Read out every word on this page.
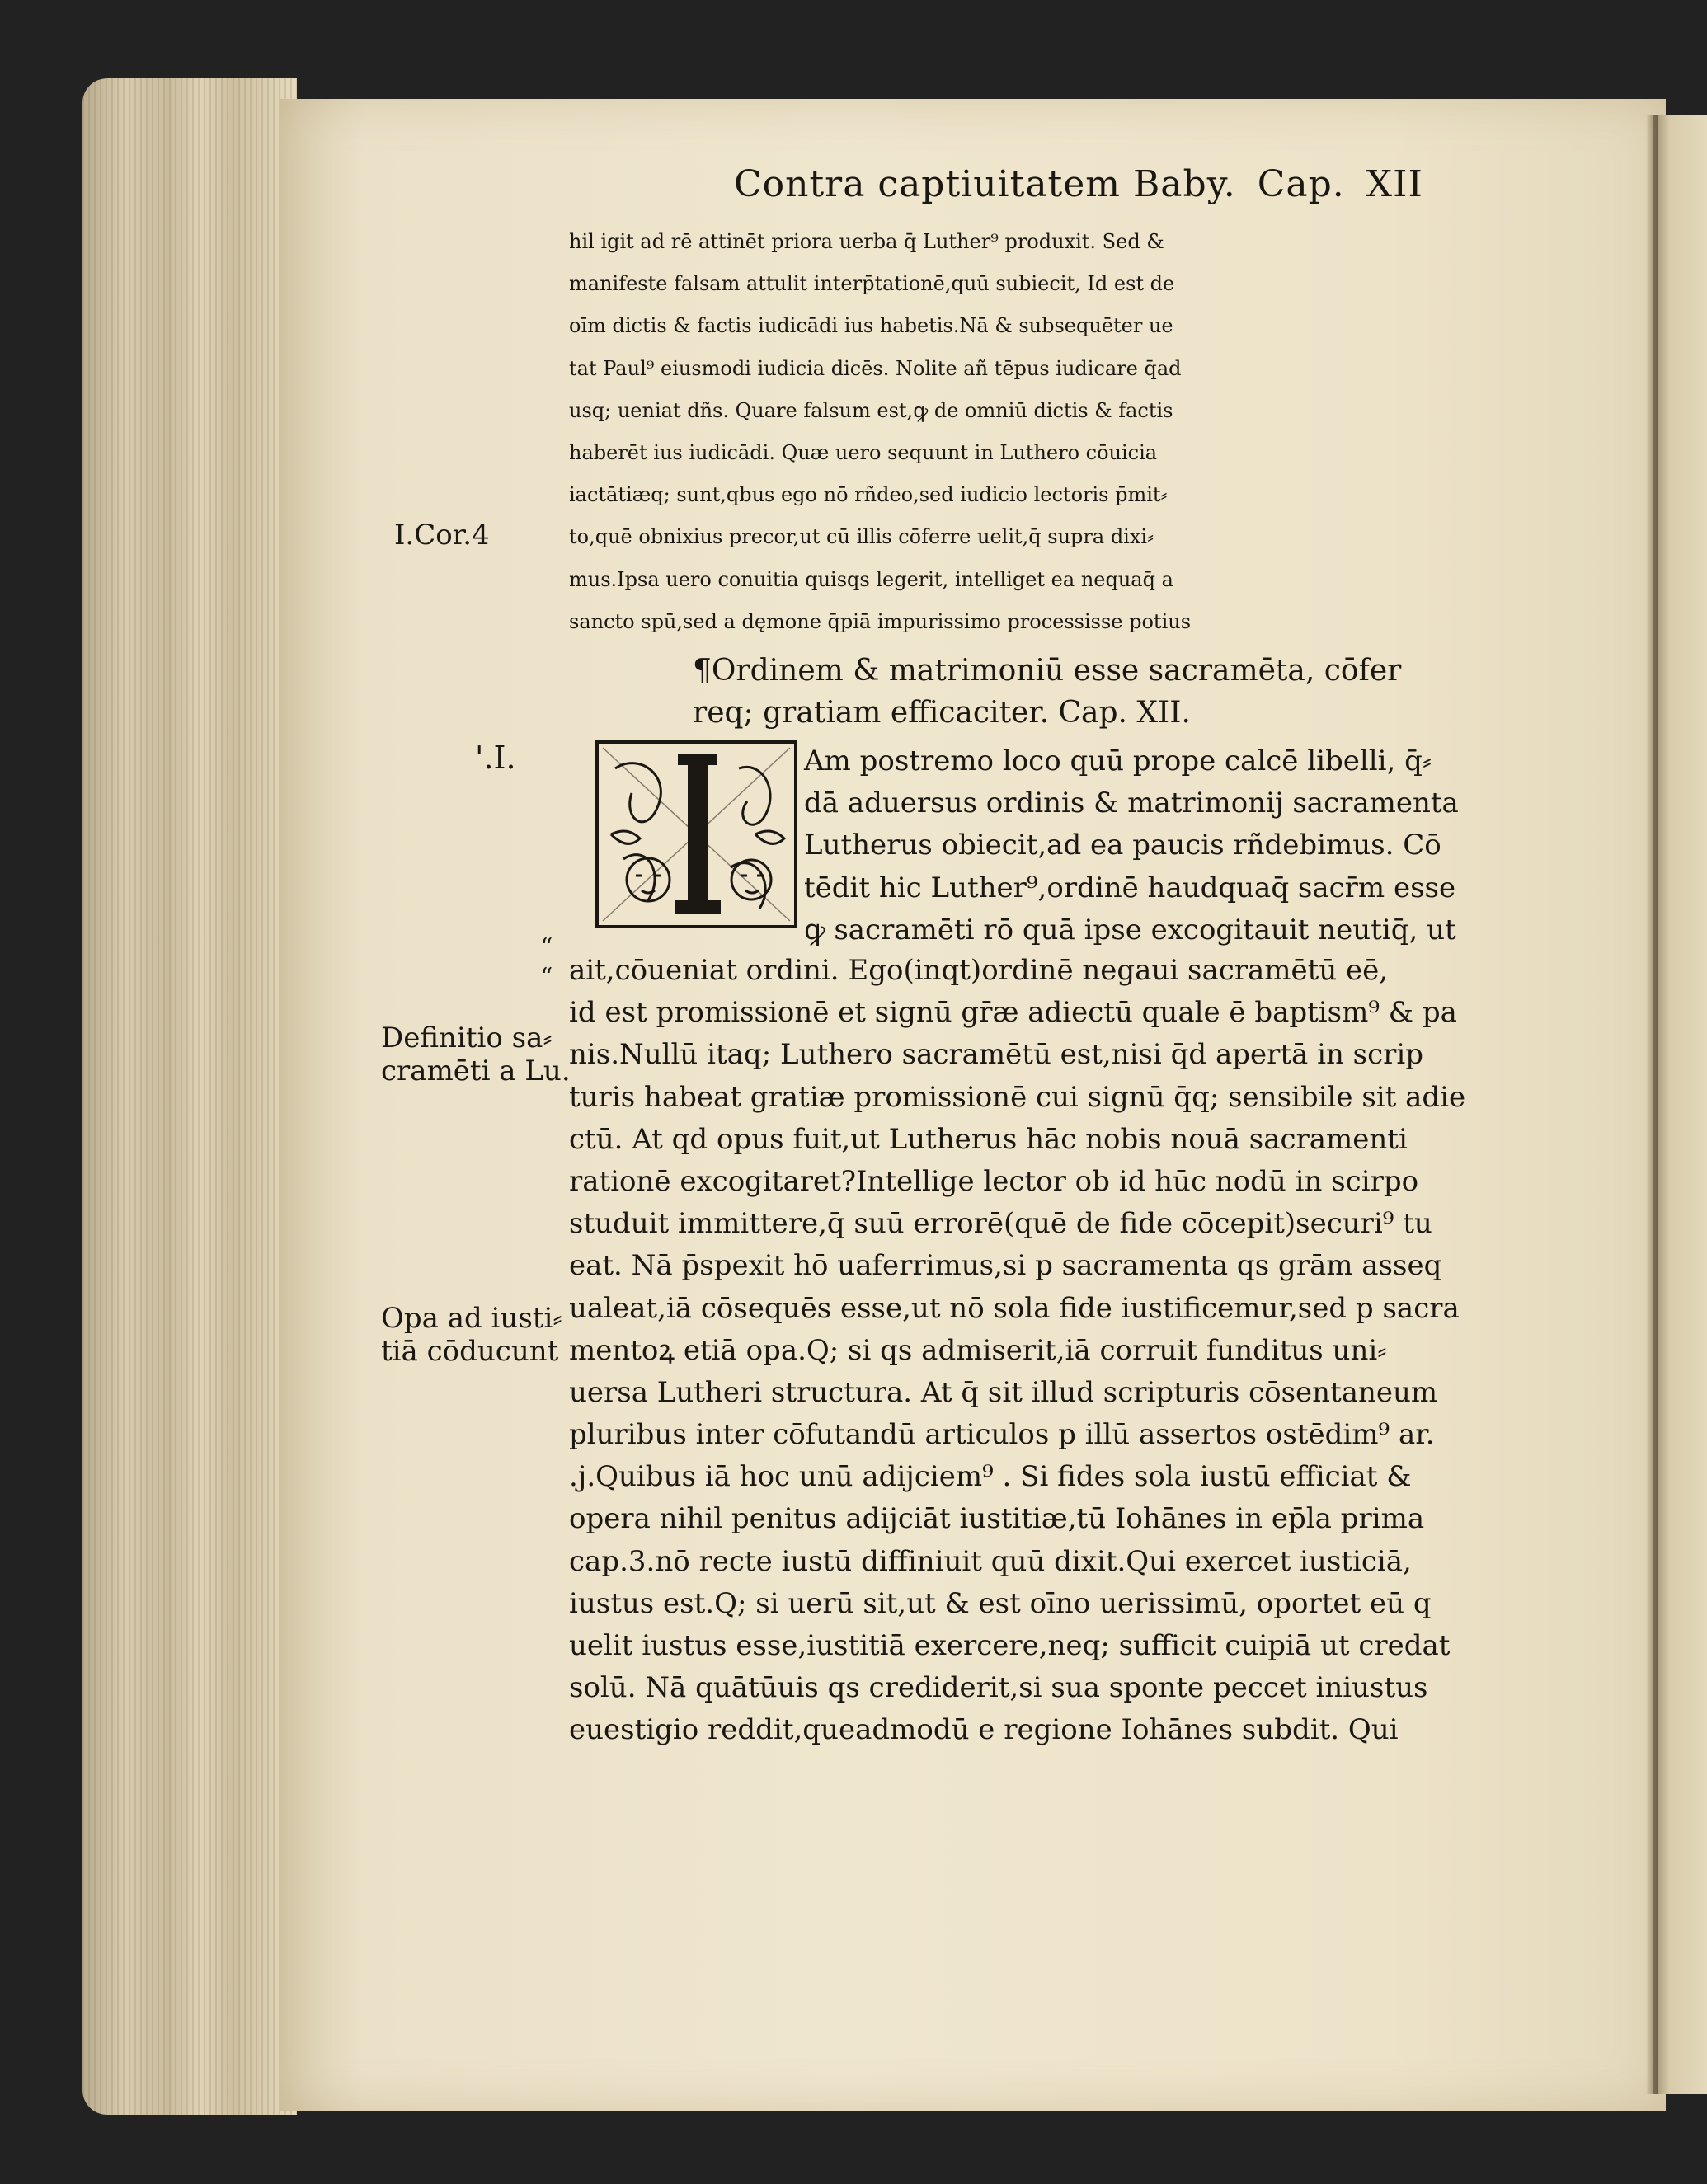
Contra captiuitatem Baby. Cap. XII
hil igit ad rē attinēt priora uerba q̄ Luther⁹ produxit. Sed &
manifeste falsam attulit interp̄tationē,quū subiecit, Id est de
oīm dictis & factis iudicādi ius habetis.Nā & subsequēter ue
tat Paul⁹ eiusmodi iudicia dicēs. Nolite añ tēpus iudicare q̄ad
usq; ueniat dñs. Quare falsum est,ꝙ de omniū dictis & factis
haberēt ius iudicādi. Quæ uero sequunt in Luthero cōuicia
iactātiæq; sunt,qbus ego nō rñdeo,sed iudicio lectoris p̄mit⸗
to,quē obnixius precor,ut cū illis cōferre uelit,q̄ supra dixi⸗
mus.Ipsa uero conuitia quisqs legerit, intelliget ea nequaq̄ a
sancto spū,sed a dęmone q̄piā impurissimo processisse potius
¶Ordinem & matrimoniū esse sacramēta, cōfer
req; gratiam efficaciter. Cap. XII.
Am postremo loco quū prope calcē libelli, q̄⸗
dā aduersus ordinis & matrimonij sacramenta
Lutherus obiecit,ad ea paucis rñdebimus. Cō
tēdit hic Luther⁹,ordinē haudquaq̄ sacr̄m esse
ꝙ sacramēti rō quā ipse excogitauit neutiq̄, ut
ait,cōueniat ordini. Ego(inqt)ordinē negaui sacramētū eē,
id est promissionē et signū gr̄æ adiectū quale ē baptism⁹ & pa
nis.Nullū itaq; Luthero sacramētū est,nisi q̄d apertā in scrip
turis habeat gratiæ promissionē cui signū q̄q; sensibile sit adie
ctū. At qd opus fuit,ut Lutherus hāc nobis nouā sacramenti
rationē excogitaret?Intellige lector ob id hūc nodū in scirpo
studuit immittere,q̄ suū errorē(quē de fide cōcepit)securi⁹ tu
eat. Nā p̄spexit hō uaferrimus,si p sacramenta qs grām asseq
ualeat,iā cōsequēs esse,ut nō sola fide iustificemur,sed p sacra
mentoꝝ etiā opa.Q; si qs admiserit,iā corruit funditus uni⸗
uersa Lutheri structura. At q̄ sit illud scripturis cōsentaneum
pluribus inter cōfutandū articulos p illū assertos ostēdim⁹ ar.
.j.Quibus iā hoc unū adijciem⁹ . Si fides sola iustū efficiat &
opera nihil penitus adijciāt iustitiæ,tū Iohānes in ep̄la prima
cap.3.nō recte iustū diffiniuit quū dixit.Qui exercet iusticiā,
iustus est.Q; si uerū sit,ut & est oīno uerissimū, oportet eū q
uelit iustus esse,iustitiā exercere,neq; sufficit cuipiā ut credat
solū. Nā quātūuis qs crediderit,si sua sponte peccet iniustus
euestigio reddit,queadmodū e regione Iohānes subdit. Qui
I.Cor.4
'.I.
“
“
Definitio sa⸗
cramēti a Lu.
Opa ad iusti⸗
tiā cōducunt
